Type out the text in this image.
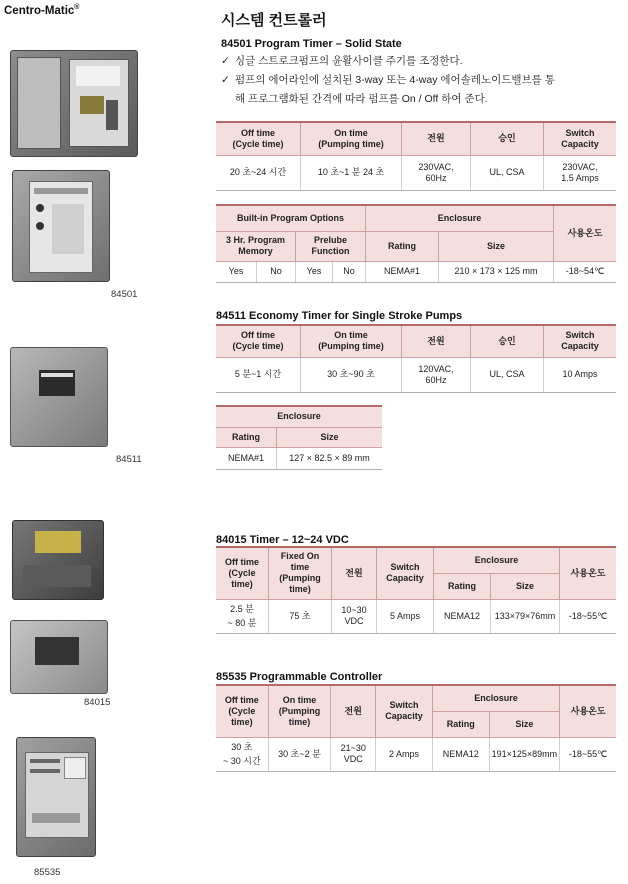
Centro-Matic®
84501
84511
84015
85535
시스템 컨트롤러
84501 Program Timer – Solid State
✓ 싱글 스트로크펌프의 윤활사이클 주기를 조정한다.
✓ 펌프의 에어라인에 설치된 3-way 또는 4-way 에어솔레노이드밸브를 통
해 프로그램화된 간격에 따라 펌프를 On / Off 하여 준다.
Off time
(Cycle time)	On time
(Pumping time)	전원	승인	Switch
Capacity
20 초~24 시간	10 초~1 분 24 초	230VAC,
60Hz	UL, CSA	230VAC,
1.5 Amps
Built-in Program Options				Enclosure		사용온도
3 Hr. Program
Memory		Prelube
Function		Rating	Size	
Yes	No	Yes	No	NEMA#1	210 × 173 × 125 mm	-18~54℃
84511 Economy Timer for Single Stroke Pumps
Off time
(Cycle time)	On time
(Pumping time)	전원	승인	Switch
Capacity
5 분~1 시간	30 초~90 초	120VAC,
60Hz	UL, CSA	10 Amps
Enclosure	
Rating	Size
NEMA#1	127 × 82.5 × 89 mm
84015 Timer – 12~24 VDC
Off time
(Cycle
time)	Fixed On
time
(Pumping
time)	전원	Switch
Capacity	Enclosure		사용온도
				Rating	Size	
2.5 분
~ 80 분	75 초	10~30
VDC	5 Amps	NEMA12	133×79×76mm	-18~55℃
85535 Programmable Controller
Off time
(Cycle
time)	On time
(Pumping
time)	전원	Switch
Capacity	Enclosure		사용온도
				Rating	Size	
30 초
~ 30 시간	30 초~2 분	21~30
VDC	2 Amps	NEMA12	191×125×89mm	-18~55℃
